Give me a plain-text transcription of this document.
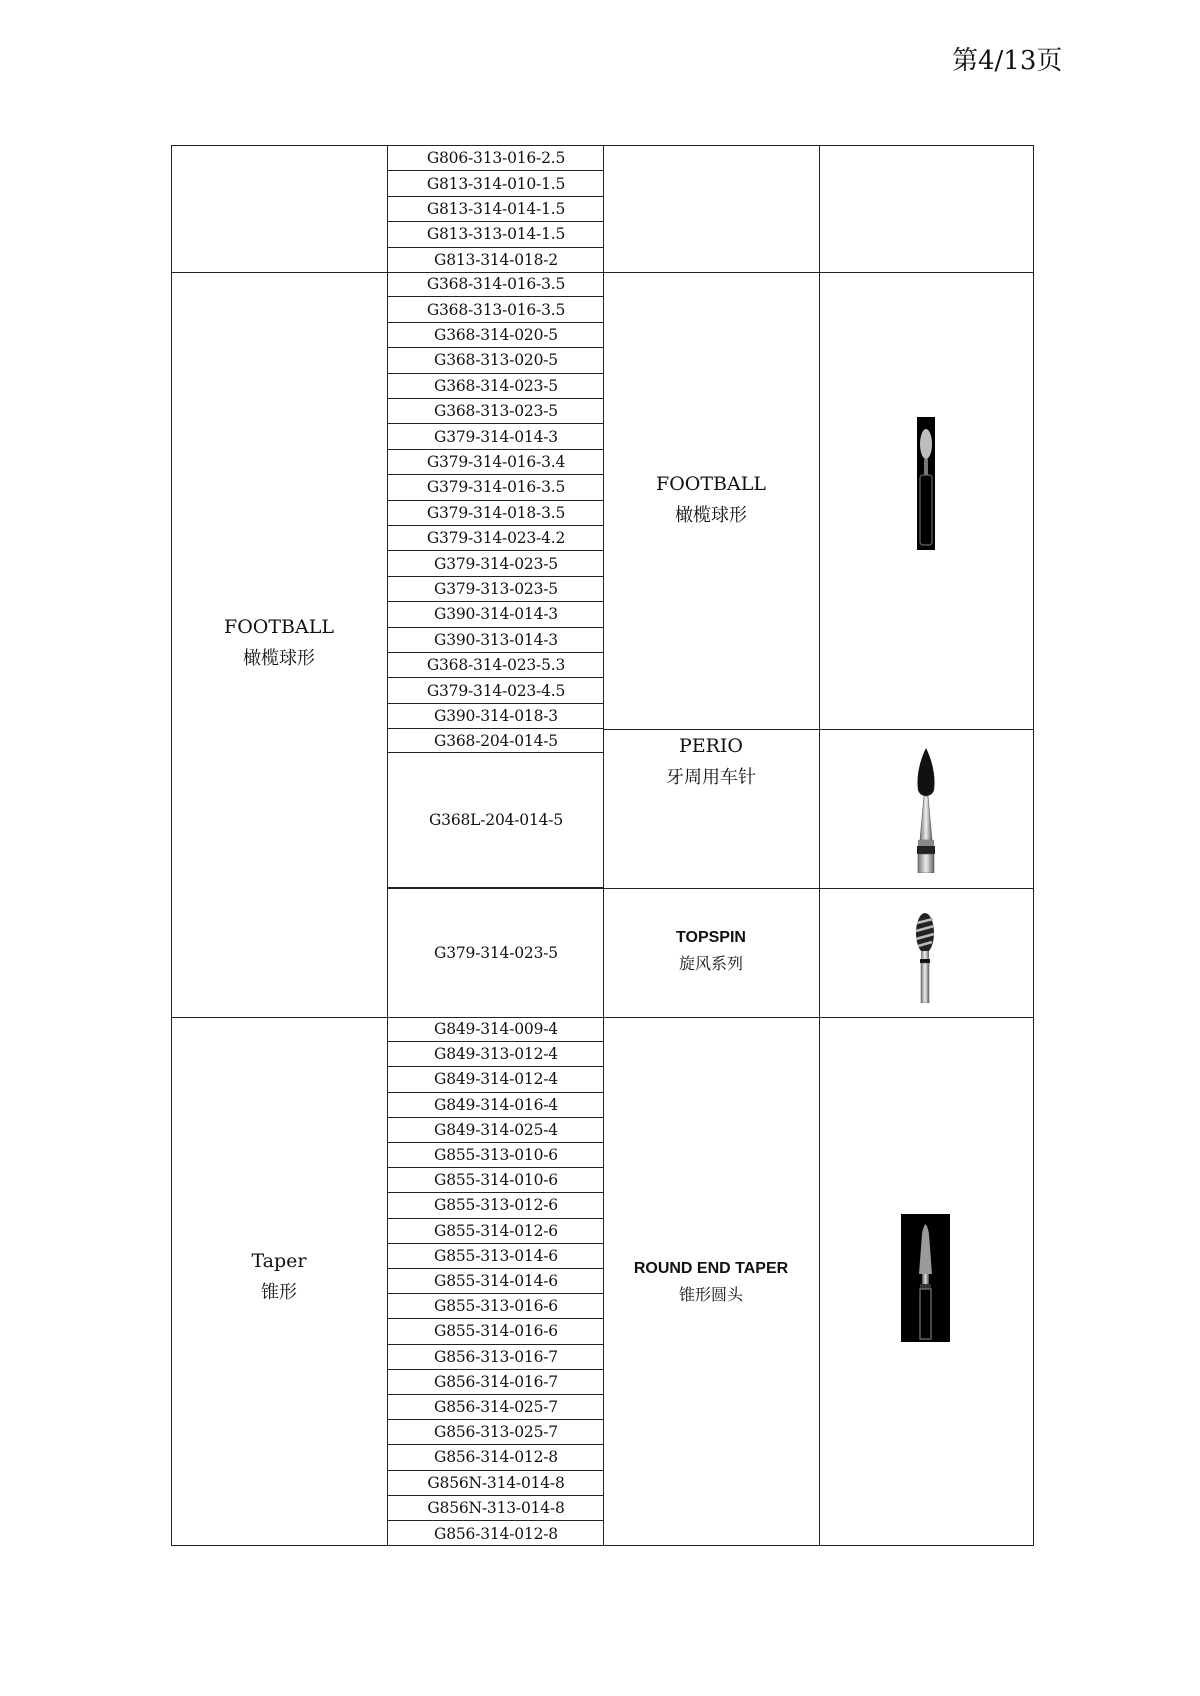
第4/13页
G806-313-016-2.5
G813-314-010-1.5
G813-314-014-1.5
G813-313-014-1.5
G813-314-018-2
FOOTBALL
橄榄球形
G368-314-016-3.5
G368-313-016-3.5
G368-314-020-5
G368-313-020-5
G368-314-023-5
G368-313-023-5
G379-314-014-3
G379-314-016-3.4
G379-314-016-3.5
G379-314-018-3.5
G379-314-023-4.2
G379-314-023-5
G379-313-023-5
G390-314-014-3
G390-313-014-3
G368-314-023-5.3
G379-314-023-4.5
G390-314-018-3
G368-204-014-5
G368L-204-014-5
G379-314-023-5
FOOTBALL
橄榄球形
PERIO
牙周用车针
TOPSPIN
旋风系列
Taper
锥形
G849-314-009-4
G849-313-012-4
G849-314-012-4
G849-314-016-4
G849-314-025-4
G855-313-010-6
G855-314-010-6
G855-313-012-6
G855-314-012-6
G855-313-014-6
G855-314-014-6
G855-313-016-6
G855-314-016-6
G856-313-016-7
G856-314-016-7
G856-314-025-7
G856-313-025-7
G856-314-012-8
G856N-314-014-8
G856N-313-014-8
G856-314-012-8
ROUND END TAPER
锥形圆头
